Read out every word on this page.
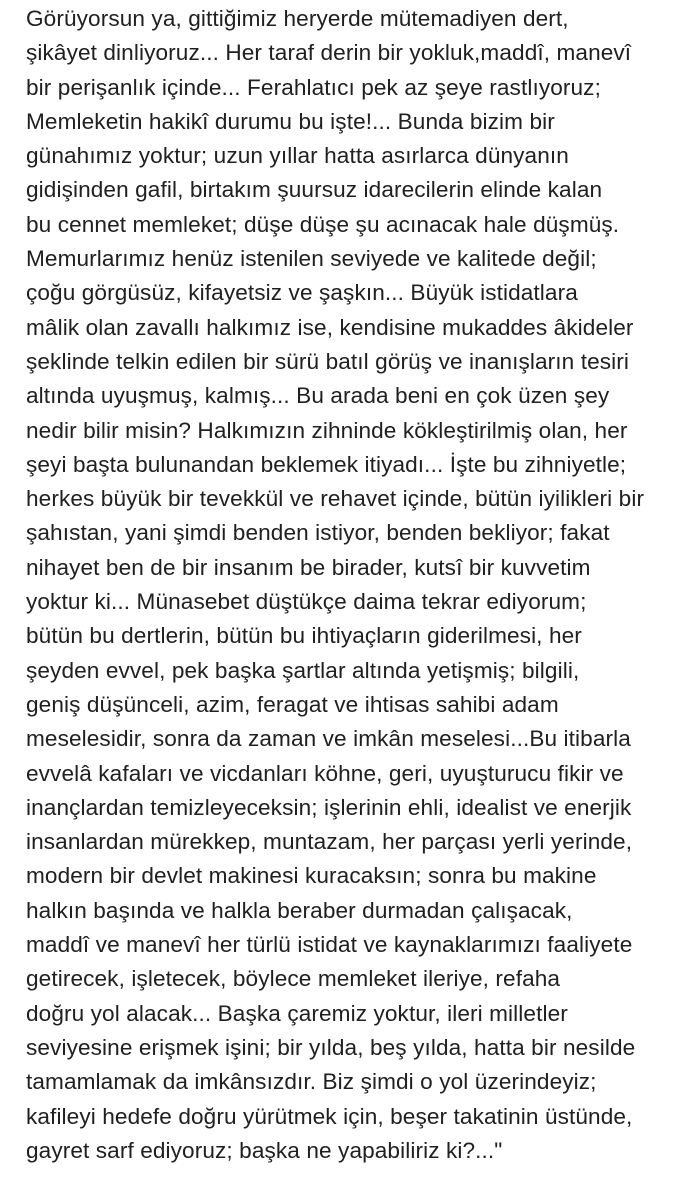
Görüyorsun ya, gittiğimiz heryerde mütemadiyen dert,
şikâyet dinliyoruz... Her taraf derin bir yokluk,maddî, manevî
bir perişanlık içinde... Ferahlatıcı pek az şeye rastlıyoruz;
Memleketin hakikî durumu bu işte!... Bunda bizim bir
günahımız yoktur; uzun yıllar hatta asırlarca dünyanın
gidişinden gafil, birtakım şuursuz idarecilerin elinde kalan
bu cennet memleket; düşe düşe şu acınacak hale düşmüş.
Memurlarımız henüz istenilen seviyede ve kalitede değil;
çoğu görgüsüz, kifayetsiz ve şaşkın... Büyük istidatlara
mâlik olan zavallı halkımız ise, kendisine mukaddes âkideler
şeklinde telkin edilen bir sürü batıl görüş ve inanışların tesiri
altında uyuşmuş, kalmış... Bu arada beni en çok üzen şey
nedir bilir misin? Halkımızın zihninde kökleştirilmiş olan, her
şeyi başta bulunandan beklemek itiyadı... İşte bu zihniyetle;
herkes büyük bir tevekkül ve rehavet içinde, bütün iyilikleri bir
şahıstan, yani şimdi benden istiyor, benden bekliyor; fakat
nihayet ben de bir insanım be birader, kutsî bir kuvvetim
yoktur ki... Münasebet düştükçe daima tekrar ediyorum;
bütün bu dertlerin, bütün bu ihtiyaçların giderilmesi, her
şeyden evvel, pek başka şartlar altında yetişmiş; bilgili,
geniş düşünceli, azim, feragat ve ihtisas sahibi adam
meselesidir, sonra da zaman ve imkân meselesi...Bu itibarla
evvelâ kafaları ve vicdanları köhne, geri, uyuşturucu fikir ve
inançlardan temizleyeceksin; işlerinin ehli, idealist ve enerjik
insanlardan mürekkep, muntazam, her parçası yerli yerinde,
modern bir devlet makinesi kuracaksın; sonra bu makine
halkın başında ve halkla beraber durmadan çalışacak,
maddî ve manevî her türlü istidat ve kaynaklarımızı faaliyete
getirecek, işletecek, böylece memleket ileriye, refaha
doğru yol alacak... Başka çaremiz yoktur, ileri milletler
seviyesine erişmek işini; bir yılda, beş yılda, hatta bir nesilde
tamamlamak da imkânsızdır. Biz şimdi o yol üzerindeyiz;
kafileyi hedefe doğru yürütmek için, beşer takatinin üstünde,
gayret sarf ediyoruz; başka ne yapabiliriz ki?..."
